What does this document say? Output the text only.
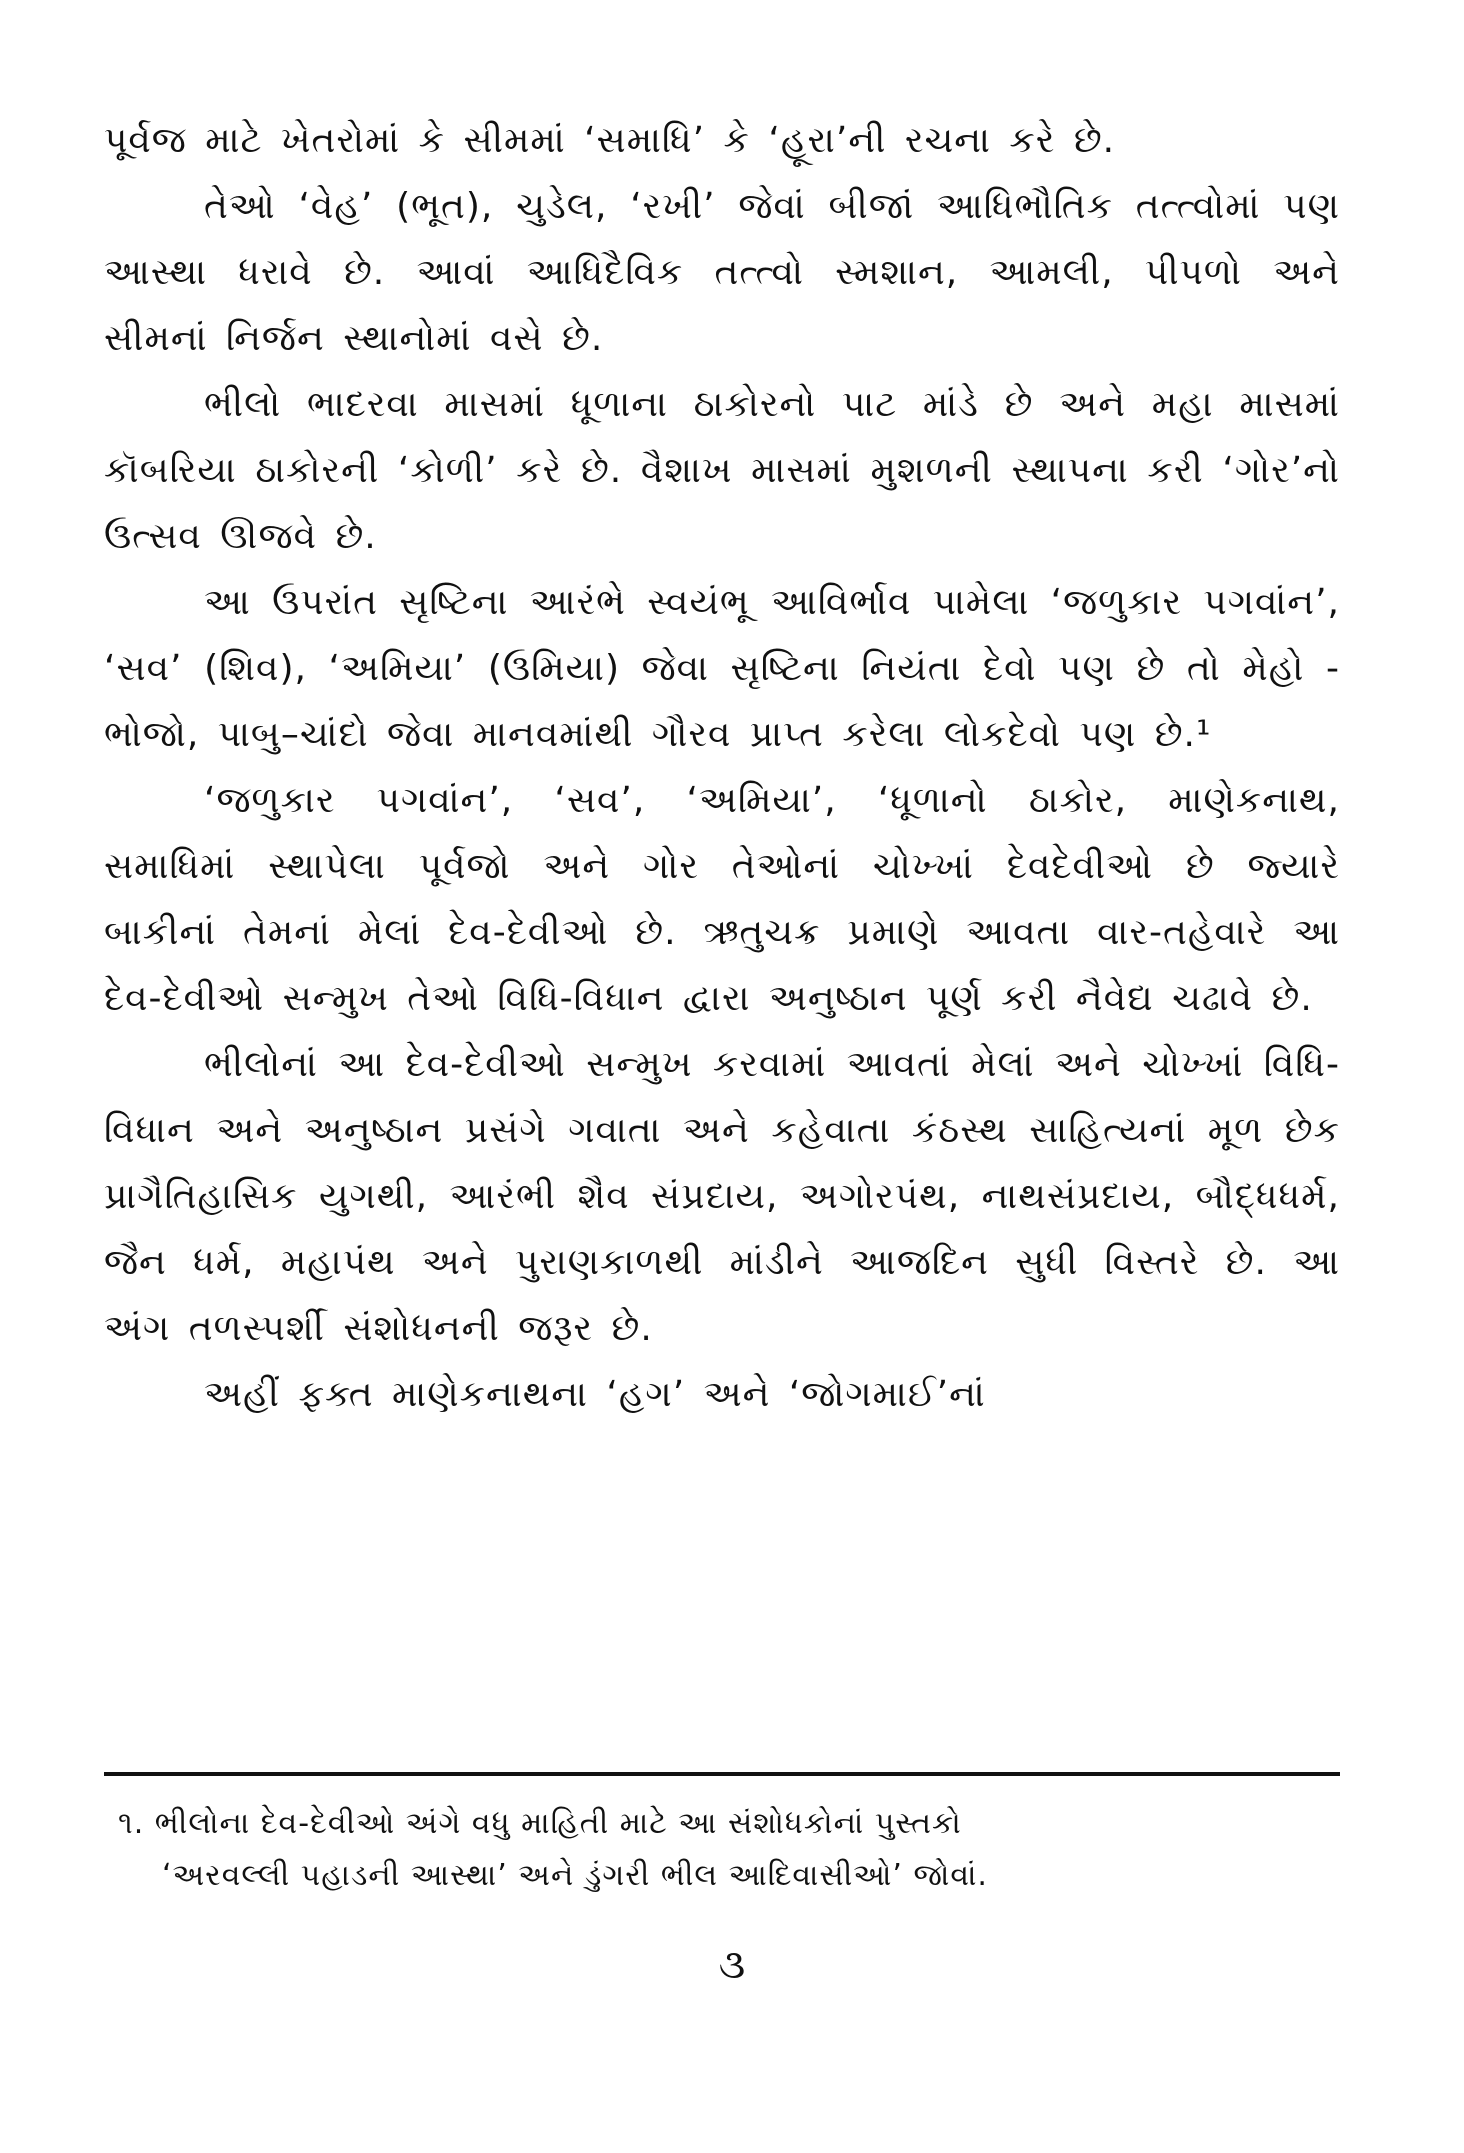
પૂર્વજ માટે ખેતરોમાં કે સીમમાં ‘સમાધિ’ કે ‘હૂરા’ની રચના કરે છે.

તેઓ ‘વેહ’ (ભૂત), ચુડેલ, ‘રખી’ જેવાં બીજાં આધિભૌતિક તત્ત્વોમાં પણ આસ્થા ધરાવે છે. આવાં આધિદૈવિક તત્ત્વો સ્મશાન, આમલી, પીપળો અને સીમનાં નિર્જન સ્થાનોમાં વસે છે.

ભીલો ભાદરવા માસમાં ધૂળાના ઠાકોરનો પાટ માંડે છે અને મહા માસમાં કૉબરિયા ઠાકોરની ‘કોળી’ કરે છે. વૈશાખ માસમાં મુશળની સ્થાપના કરી ‘ગોર’નો ઉત્સવ ઊજવે છે.

આ ઉપરાંત સૃષ્ટિના આરંભે સ્વયંભૂ આવિર્ભાવ પામેલા ‘જળુકાર પગવાંન’, ‘સવ’ (શિવ), ‘અમિયા’ (ઉમિયા) જેવા સૃષ્ટિના નિયંતા દેવો પણ છે તો મેહો - ભોજો, પાબુ–ચાંદો જેવા માનવમાંથી ગૌરવ પ્રાપ્ત કરેલા લોકદેવો પણ છે.¹

‘જળુકાર પગવાંન’, ‘સવ’, ‘અમિયા’, ‘ધૂળાનો ઠાકોર, માણેકનાથ, સમાધિમાં સ્થાપેલા પૂર્વજો અને ગોર તેઓનાં ચોખ્ખાં દેવદેવીઓ છે જ્યારે બાકીનાં તેમનાં મેલાં દેવ-દેવીઓ છે. ઋતુચક્ર પ્રમાણે આવતા વાર-તહેવારે આ દેવ-દેવીઓ સન્મુખ તેઓ વિધિ-વિધાન દ્વારા અનુષ્ઠાન પૂર્ણ કરી નૈવેદ્ય ચઢાવે છે.

ભીલોનાં આ દેવ-દેવીઓ સન્મુખ કરવામાં આવતાં મેલાં અને ચોખ્ખાં વિધિ-વિધાન અને અનુષ્ઠાન પ્રસંગે ગવાતા અને કહેવાતા કંઠસ્થ સાહિત્યનાં મૂળ છેક પ્રાગૈતિહાસિક યુગથી, આરંભી શૈવ સંપ્રદાય, અગોરપંથ, નાથસંપ્રદાય, બૌદ્ધધર્મ, જૈન ધર્મ, મહાપંથ અને પુરાણકાળથી માંડીને આજદિન સુધી વિસ્તરે છે. આ અંગ તળસ્પર્શી સંશોધનની જરૂર છે.

અહીં ફક્ત માણેકનાથના ‘હગ’ અને ‘જોગમાઈ’નાં

૧. ભીલોના દેવ-દેવીઓ અંગે વધુ માહિતી માટે આ સંશોધકોનાં પુસ્તકો
‘અરવલ્લી પહાડની આસ્થા’ અને ડુંગરી ભીલ આદિવાસીઓ’ જોવાં.
૩
